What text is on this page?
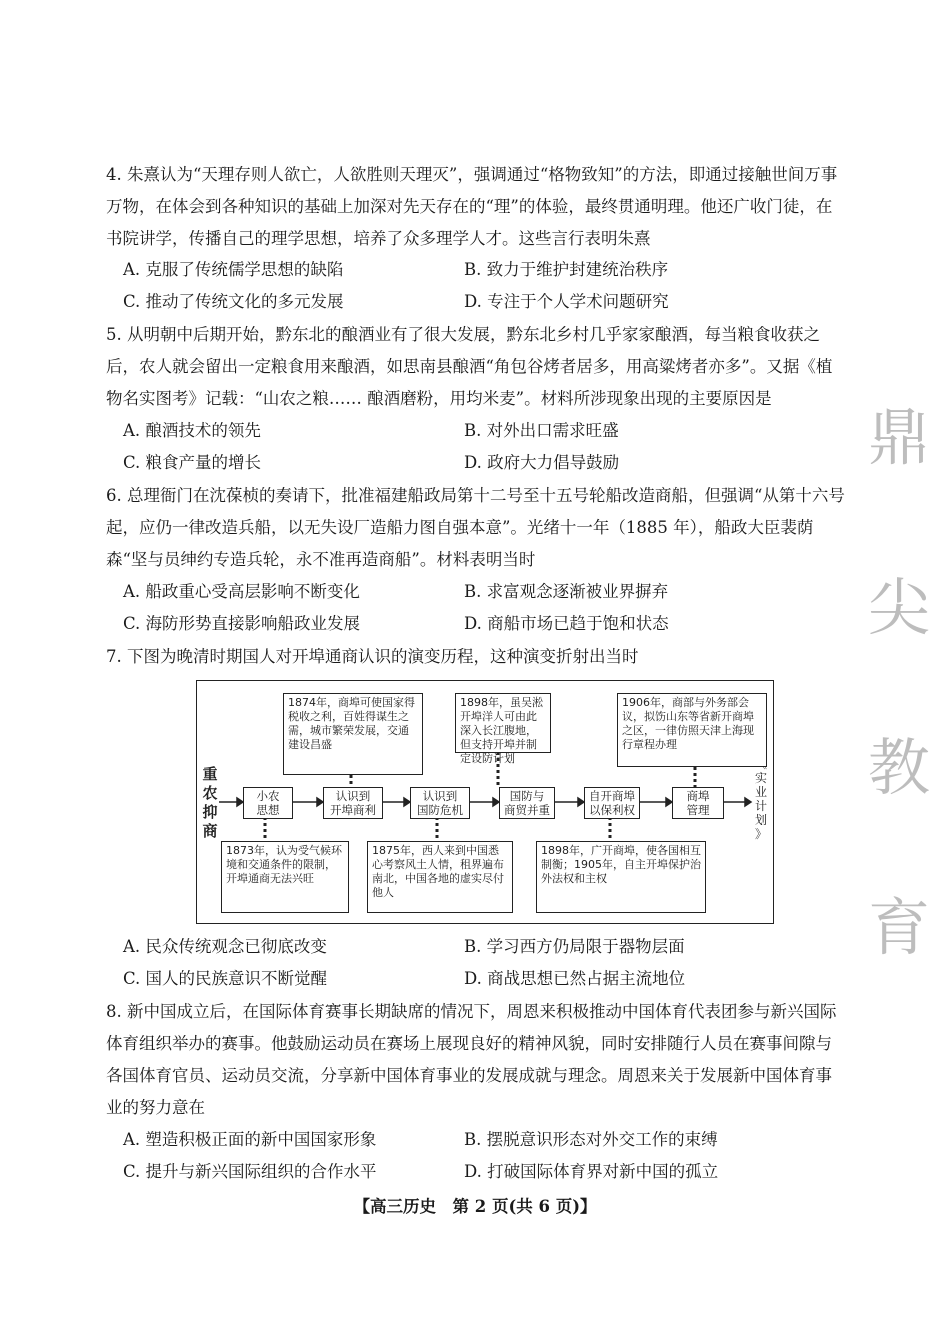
4. 朱熹认为“天理存则人欲亡，人欲胜则天理灭”，强调通过“格物致知”的方法，即通过接触世间万事万物，在体会到各种知识的基础上加深对先天存在的“理”的体验，最终贯通明理。他还广收门徒，在书院讲学，传播自己的理学思想，培养了众多理学人才。这些言行表明朱熹
A. 克服了传统儒学思想的缺陷	B. 致力于维护封建统治秩序
C. 推动了传统文化的多元发展	D. 专注于个人学术问题研究
5. 从明朝中后期开始，黔东北的酿酒业有了很大发展，黔东北乡村几乎家家酿酒，每当粮食收获之后，农人就会留出一定粮食用来酿酒，如思南县酿酒“角包谷烤者居多，用高粱烤者亦多”。又据《植物名实图考》记载：“山农之粮…… 酿酒磨粉，用均米麦”。材料所涉现象出现的主要原因是
A. 酿酒技术的领先	B. 对外出口需求旺盛
C. 粮食产量的增长	D. 政府大力倡导鼓励
6. 总理衙门在沈葆桢的奏请下，批准福建船政局第十二号至十五号轮船改造商船，但强调“从第十六号起，应仍一律改造兵船，以无失设厂造船力图自强本意”。光绪十一年（1885 年），船政大臣裴荫森“坚与员绅约专造兵轮，永不准再造商船”。材料表明当时
A. 船政重心受高层影响不断变化	B. 求富观念逐渐被业界摒弃
C. 海防形势直接影响船政业发展	D. 商船市场已趋于饱和状态
7. 下图为晚清时期国人对开埠通商认识的演变历程，这种演变折射出当时
重
农
抑
商
实
业
计
划
》
小农
思想
认识到
开埠商利
认识到
国防危机
国防与
商贸并重
自开商埠
以保利权
商埠
管理
1874年，商埠可使国家得税收之利，百姓得谋生之需，城市繁荣发展，交通建设昌盛
1898年，虽吴淞开埠洋人可由此深入长江腹地，但支持开埠并制定设防计划
1906年，商部与外务部会议，拟饬山东等省新开商埠之区，一律仿照天津上海现行章程办理
1873年，认为受气候环境和交通条件的限制，开埠通商无法兴旺
1875年，西人来到中国悉心考察风土人情，租界遍布南北，中国各地的虚实尽付他人
1898年，广开商埠，使各国相互制衡；1905年，自主开埠保护治外法权和主权
A. 民众传统观念已彻底改变	B. 学习西方仍局限于器物层面
C. 国人的民族意识不断觉醒	D. 商战思想已然占据主流地位
8. 新中国成立后，在国际体育赛事长期缺席的情况下，周恩来积极推动中国体育代表团参与新兴国际体育组织举办的赛事。他鼓励运动员在赛场上展现良好的精神风貌，同时安排随行人员在赛事间隙与各国体育官员、运动员交流，分享新中国体育事业的发展成就与理念。周恩来关于发展新中国体育事业的努力意在
A. 塑造积极正面的新中国国家形象	B. 摆脱意识形态对外交工作的束缚
C. 提升与新兴国际组织的合作水平	D. 打破国际体育界对新中国的孤立
鼎
尖
教
育
【高三历史　第 2 页(共 6 页)】
